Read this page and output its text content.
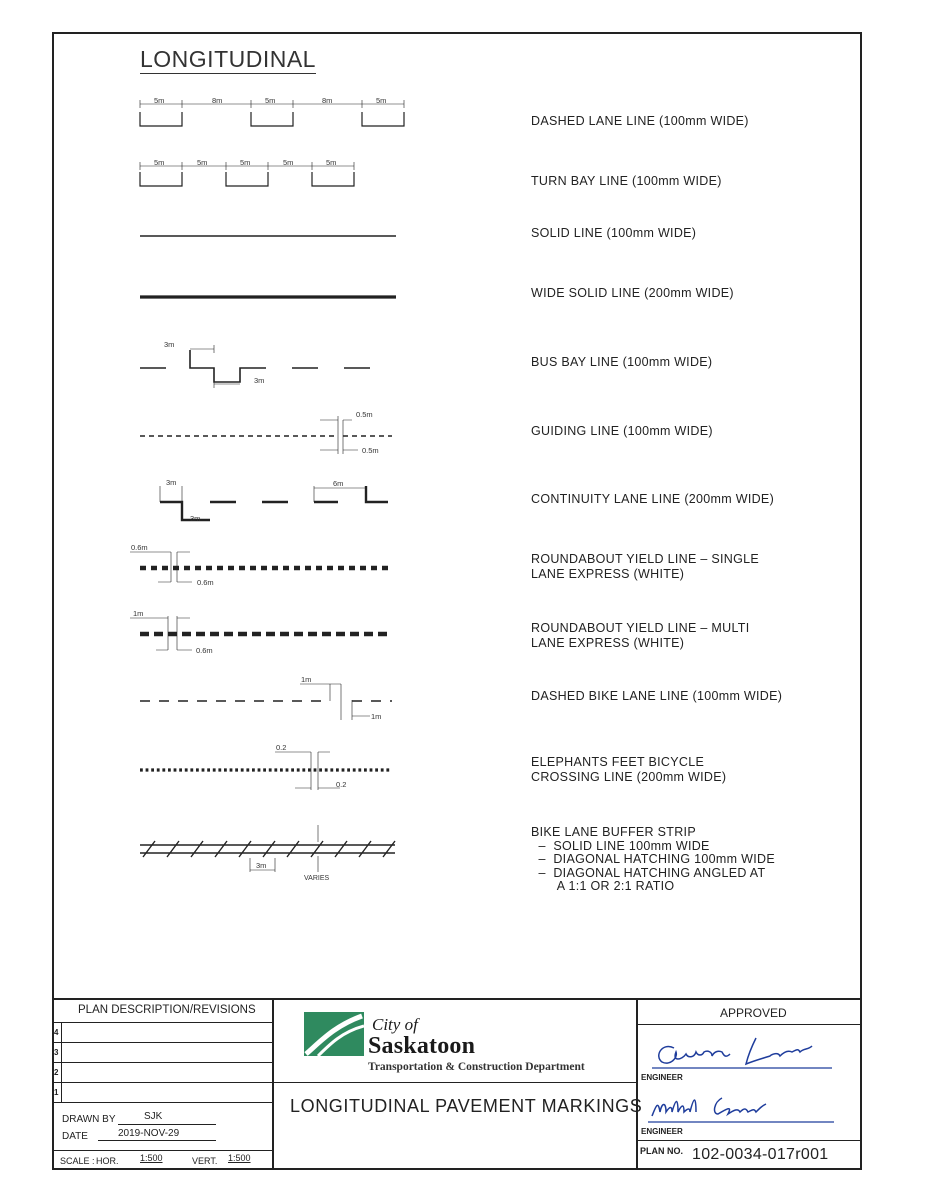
LONGITUDINAL
DASHED LANE LINE (100mm WIDE)
TURN BAY LINE (100mm WIDE)
SOLID LINE (100mm WIDE)
WIDE SOLID LINE (200mm WIDE)
BUS BAY LINE (100mm WIDE)
GUIDING LINE (100mm WIDE)
CONTINUITY LANE LINE (200mm WIDE)
ROUNDABOUT YIELD LINE – SINGLE
LANE EXPRESS (WHITE)
ROUNDABOUT YIELD LINE – MULTI
LANE EXPRESS (WHITE)
DASHED BIKE LANE LINE (100mm WIDE)
ELEPHANTS FEET BICYCLE
CROSSING LINE (200mm WIDE)
BIKE LANE BUFFER STRIP
–  SOLID LINE 100mm WIDE
–  DIAGONAL HATCHING 100mm WIDE
–  DIAGONAL HATCHING ANGLED AT
A 1:1 OR 2:1 RATIO
5m	8m	5m	8m	5m
5m	5m	5m	5m	5m
3m
3m
0.5m
0.5m
3m
3m
6m
0.6m
0.6m
1m
0.6m
1m
1m
0.2
0.2
3m
VARIES
PLAN DESCRIPTION/REVISIONS
4
3
2
1
DRAWN BY	SJK
DATE	2019-NOV-29
SCALE : HOR. 1:500	VERT. 1:500
City of
Saskatoon
Transportation & Construction Department
LONGITUDINAL PAVEMENT MARKINGS
APPROVED
ENGINEER
ENGINEER
PLAN NO. 102-0034-017r001
